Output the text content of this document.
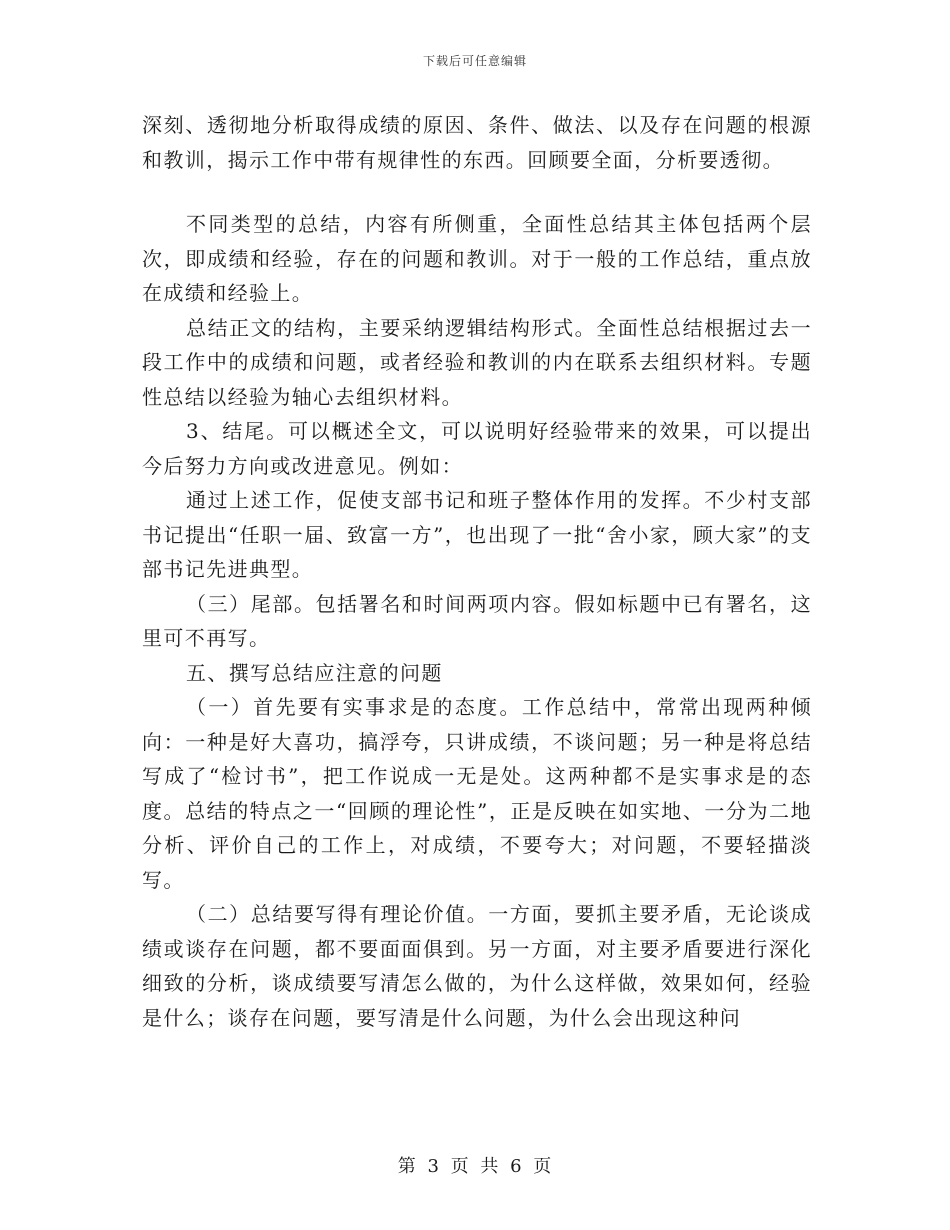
下载后可任意编辑

深刻、透彻地分析取得成绩的原因、条件、做法、以及存在问题的根源和教训，揭示工作中带有规律性的东西。回顾要全面，分析要透彻。

不同类型的总结，内容有所侧重，全面性总结其主体包括两个层次，即成绩和经验，存在的问题和教训。对于一般的工作总结，重点放在成绩和经验上。

总结正文的结构，主要采纳逻辑结构形式。全面性总结根据过去一段工作中的成绩和问题，或者经验和教训的内在联系去组织材料。专题性总结以经验为轴心去组织材料。

3、结尾。可以概述全文，可以说明好经验带来的效果，可以提出今后努力方向或改进意见。例如：

通过上述工作，促使支部书记和班子整体作用的发挥。不少村支部书记提出“任职一届、致富一方”，也出现了一批“舍小家，顾大家”的支部书记先进典型。

（三）尾部。包括署名和时间两项内容。假如标题中已有署名，这里可不再写。

五、撰写总结应注意的问题

（一）首先要有实事求是的态度。工作总结中，常常出现两种倾向：一种是好大喜功，搞浮夸，只讲成绩，不谈问题；另一种是将总结写成了“检讨书”，把工作说成一无是处。这两种都不是实事求是的态度。总结的特点之一“回顾的理论性”，正是反映在如实地、一分为二地分析、评价自己的工作上，对成绩，不要夸大；对问题，不要轻描淡写。

（二）总结要写得有理论价值。一方面，要抓主要矛盾，无论谈成绩或谈存在问题，都不要面面俱到。另一方面，对主要矛盾要进行深化细致的分析，谈成绩要写清怎么做的，为什么这样做，效果如何，经验是什么；谈存在问题，要写清是什么问题，为什么会出现这种问

第 3 页 共 6 页
